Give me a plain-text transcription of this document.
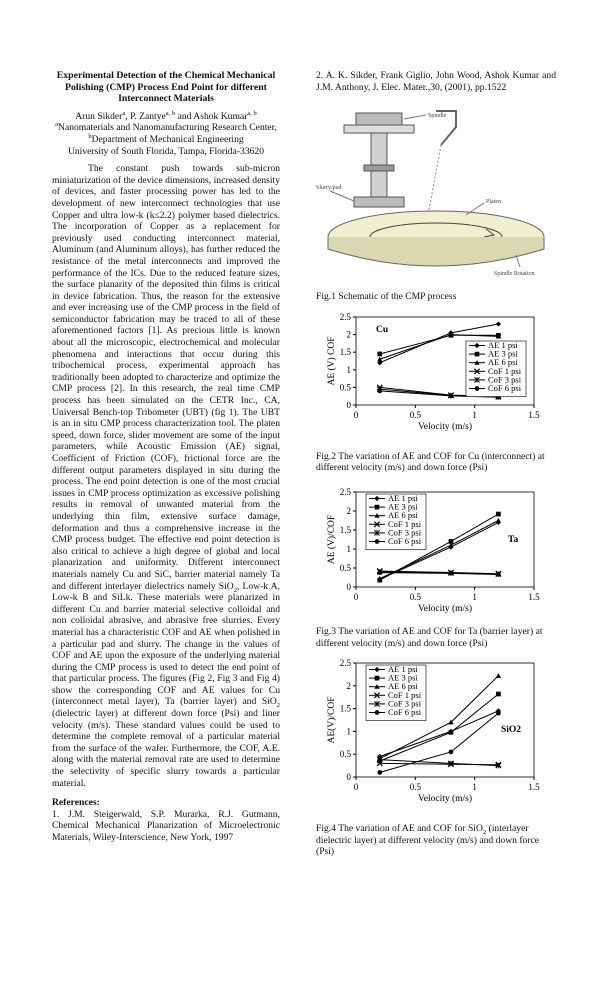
Experimental Detection of the Chemical Mechanical Polishing (CMP) Process End Point for different Interconnect Materials
Arun Sikder$^a$, P. Zantye$^{a, b}$ and Ashok Kumar$^{a, b}$
$^a$Nanomaterials and Nanomanufacturing Research Center,
$^b$Department of Mechanical Engineering
University of South Florida, Tampa, Florida-33620
The constant push towards sub-micron miniaturization of the device dimensions, increased density of devices, and faster processing power has led to the development of new interconnect technologies that use Copper and ultra low-k (k≤2.2) polymer based dielectrics. The incorporation of Copper as a replacement for previously used conducting interconnect material, Aluminum (and Aluminum alloys), has further reduced the resistance of the metal interconnects and improved the performance of the ICs. Due to the reduced feature sizes, the surface planarity of the deposited thin films is critical in device fabrication. Thus, the reason for the extensive and ever increasing use of the CMP process in the field of semiconductor fabrication may be traced to all of these aforementioned factors [1]. As precious little is known about all the microscopic, electrochemical and molecular phenomena and interactions that occur during this tribochemical process, experimental approach has traditionally been adopted to characterize and optimize the CMP process [2]. In this research, the real time CMP process has been simulated on the CETR Inc., CA, Universal Bench-top Tribometer (UBT) (fig 1). The UBT is an in situ CMP process characterization tool. The platen speed, down force, slider movement are some of the input parameters, while Acoustic Emission (AE) signal, Coefficient of Friction (COF), frictional force are the different output parameters displayed in situ during the process. The end point detection is one of the most crucial issues in CMP process optimization as excessive polishing results in removal of unwanted material from the underlying thin film, extensive surface damage, deformation and thus a comprehensive increase in the CMP process budget. The effective end point detection is also critical to achieve a high degree of global and local planarization and uniformity. Different interconnect materials namely Cu and SiC, barrier material namely Ta and different interlayer dielectrics namely SiO$_2$, Low-k A, Low-k B and SiLk. These materials were planarized in different Cu and barrier material selective colloidal and non colloidal abrasive, and abrasive free slurries. Every material has a characteristic COF and AE when polished in a particular pad and slurry. The change in the values of COF and AE upon the exposure of the underlying material during the CMP process is used to detect the end point of that particular process. The figures (Fig 2, Fig 3 and Fig 4) show the corresponding COF and AE values for Cu (interconnect metal layer), Ta (barrier layer) and SiO$_2$ (dielectric layer) at different down force (Psi) and liner velocity (m/s). These standard values could be used to determine the complete removal of a particular material from the surface of the wafer. Furthermore, the COF, A.E. along with the material removal rate are used to determine the selectivity of specific slurry towards a particular material.
References:
1. J.M. Steigerwald, S.P. Murarka, R.J. Gutmann, Chemical Mechanical Planarization of Microelectronic Materials, Wiley-Interscience, New York, 1997
2. A. K. Sikder, Frank Giglio, John Wood, Ashok Kumar and J.M. Anthony, J. Elec. Mater.,30, (2001), pp.1522
Spindle
Slurry/pad
Platen
Spindle Rotation
Fig.1 Schematic of the CMP process
0
0.5
1
1.5
2
2.5
0	0.5	1	1.5
Velocity (m/s)
AE (V) COF	AE 1 psi
AE 3 psi
AE 6 psi
CoF 1 psi
CoF 3 psi
CoF 6 psi
Cu
Fig.2 The variation of AE and COF for Cu (interconnect) at different velocity (m/s) and down force (Psi)
0
0.5
1
1.5
2
2.5
0	0.5	1	1.5
Velocity (m/s)
AE (V)/COF
AE 1 psi
AE 3 psi
AE 6 psi
CoF 1 psi
CoF 3 psi
CoF 6 psi	Ta
Fig.3 The variation of AE and COF for Ta (barrier layer) at different velocity (m/s) and down force (Psi)
0
0.5
1
1.5
2
2.5
0	0.5	1	1.5
Velocity (m/s)
AE(V)/COF
AE 1 psi
AE 3 psi
AE 6 psi
CoF 1 psi
CoF 3 psi
CoF 6 psi
SiO2
Fig.4 The variation of AE and COF for SiO$_2$ (interlayer dielectric layer) at different velocity (m/s) and down force (Psi)
